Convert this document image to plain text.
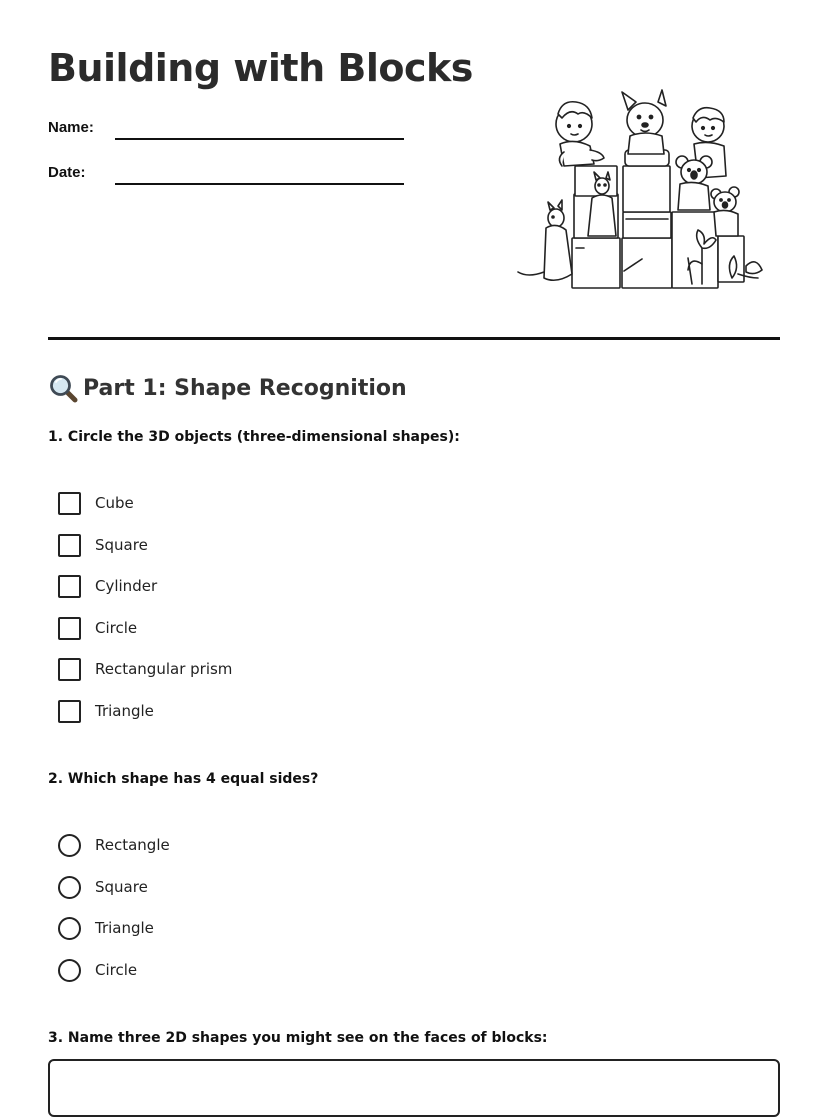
Building with Blocks
Name:
Date:
Part 1: Shape Recognition
1. Circle the 3D objects (three-dimensional shapes):
Cube
Square
Cylinder
Circle
Rectangular prism
Triangle
2. Which shape has 4 equal sides?
Rectangle
Square
Triangle
Circle
3. Name three 2D shapes you might see on the faces of blocks:
